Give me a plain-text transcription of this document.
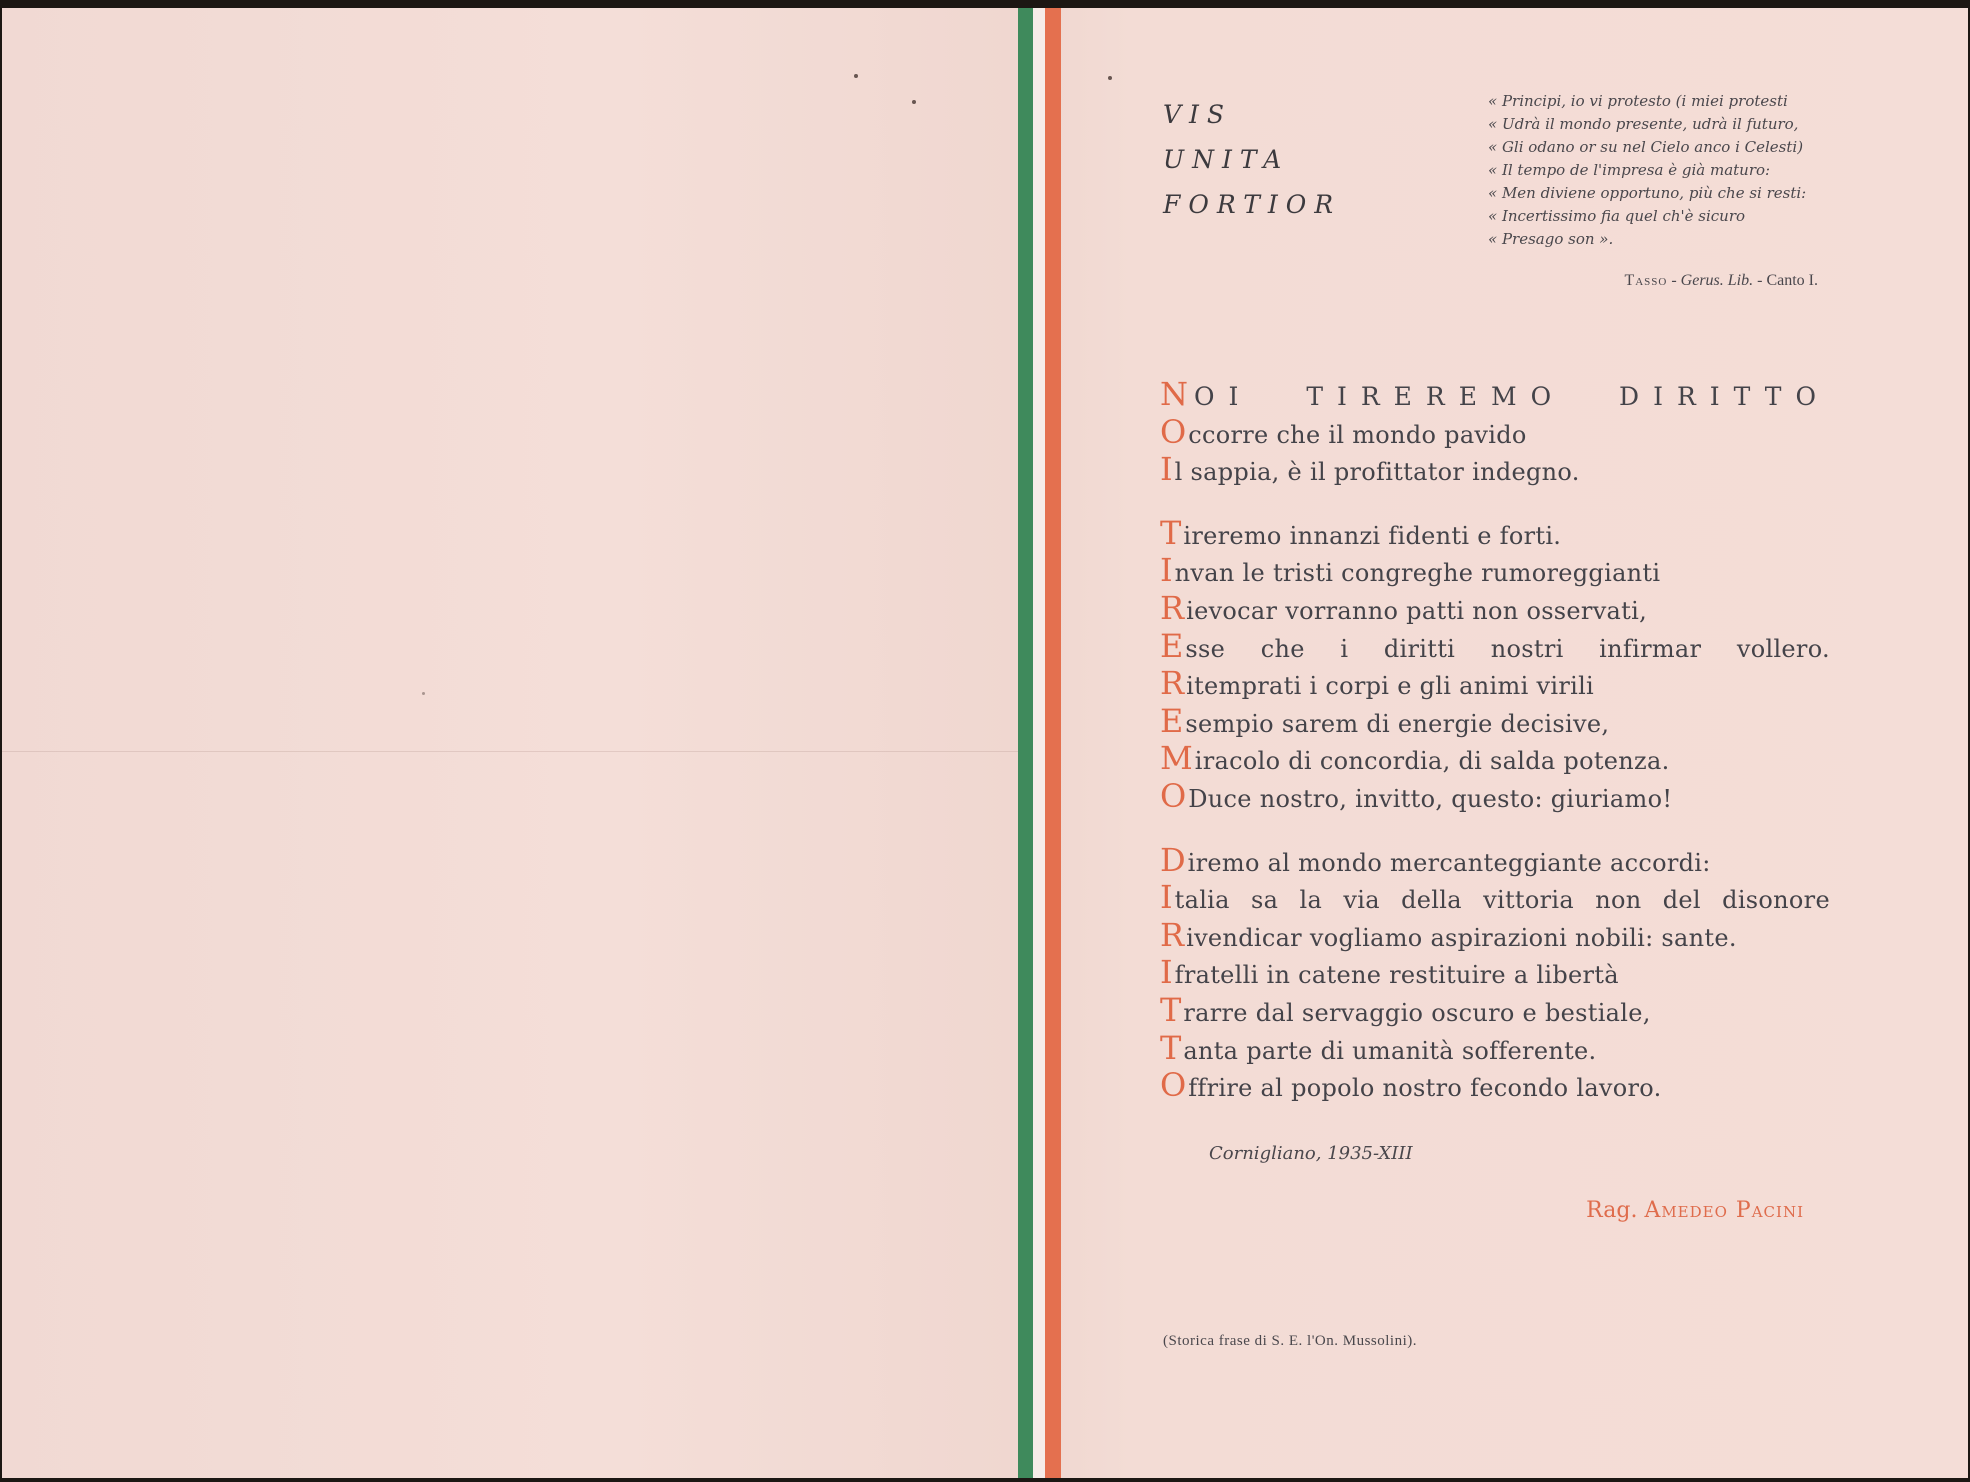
VIS
UNITA
FORTIOR
« Principi, io vi protesto (i miei protesti
« Udrà il mondo presente, udrà il futuro,
« Gli odano or su nel Cielo anco i Celesti)
« Il tempo de l'impresa è già maturo:
« Men diviene opportuno, più che si resti:
« Incertissimo fia quel ch'è sicuro
« Presago son ».
Tasso - Gerus. Lib. - Canto I.
N OI TIREREMO DIRITTO
O ccorre che il mondo pavido
I l sappia, è il profittator indegno.
T ireremo innanzi fidenti e forti.
I nvan le tristi congreghe rumoreggianti
R ievocar vorranno patti non osservati,
E sse che i diritti nostri infirmar vollero.
R itemprati i corpi e gli animi virili
E sempio sarem di energie decisive,
M iracolo di concordia, di salda potenza.
O Duce nostro, invitto, questo: giuriamo!
D iremo al mondo mercanteggiante accordi:
I talia sa la via della vittoria non del disonore
R ivendicar vogliamo aspirazioni nobili: sante.
I fratelli in catene restituire a libertà
T rarre dal servaggio oscuro e bestiale,
T anta parte di umanità sofferente.
O ffrire al popolo nostro fecondo lavoro.
Cornigliano, 1935-XIII
Rag. Amedeo Pacini
(Storica frase di S. E. l'On. Mussolini).
